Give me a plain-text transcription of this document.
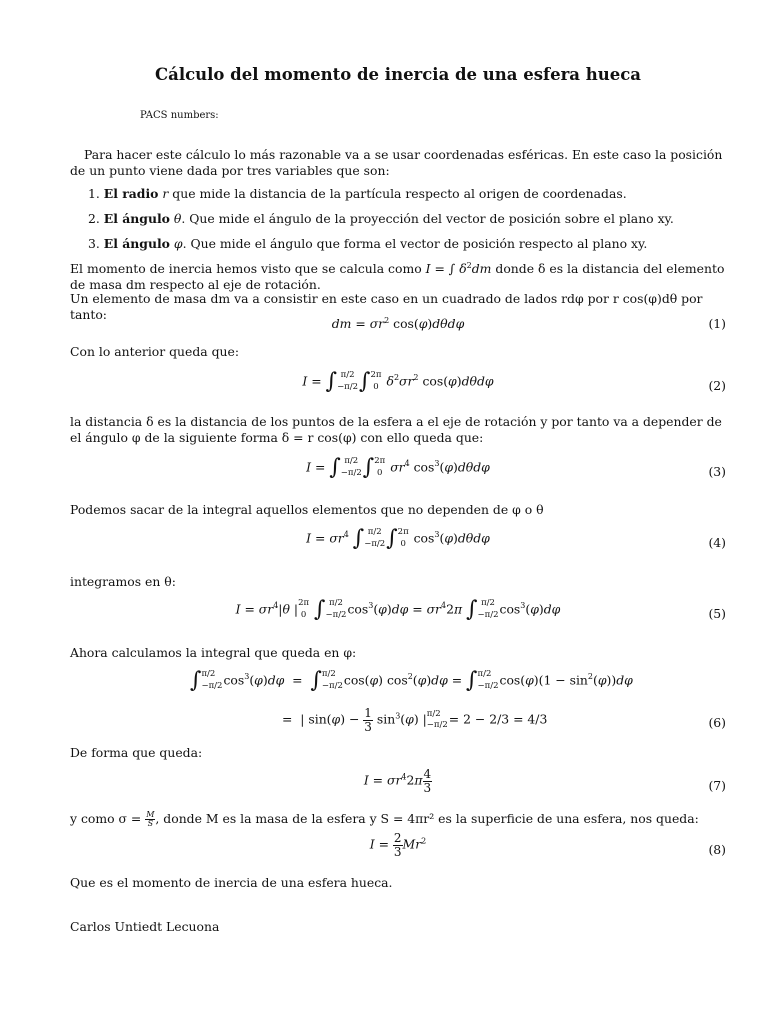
Cálculo del momento de inercia de una esfera hueca
PACS numbers:

Para hacer este cálculo lo más razonable va a se usar coordenadas esféricas. En este caso la posición de un punto viene dada por tres variables que son:

1. El radio r que mide la distancia de la partícula respecto al origen de coordenadas.
2. El ángulo θ. Que mide el ángulo de la proyección del vector de posición sobre el plano xy.
3. El ángulo φ. Que mide el ángulo que forma el vector de posición respecto al plano xy.

El momento de inercia hemos visto que se calcula como I = ∫ $\delta^2dm$ donde δ es la distancia del elemento de masa dm respecto al eje de rotación.

Un elemento de masa dm va a consistir en este caso en un cuadrado de lados rdφ por r cos(φ)dθ por tanto:

dm = $\sigma r^2$ cos(φ)dθdφ	(1)

Con lo anterior queda que:

I = ∫ π/2
−π/2 ∫ 2π
0 $\delta^2\sigma r^2$ cos(φ)dθdφ	(2)

la distancia δ es la distancia de los puntos de la esfera a el eje de rotación y por tanto va a depender de el ángulo φ de la siguiente forma δ = r cos(φ) con ello queda que:

I = ∫ π/2
−π/2 ∫ 2π
0 $\sigma r^4$ $\cos^3(\varphi)d\theta d\varphi$	(3)

Podemos sacar de la integral aquellos elementos que no dependen de φ o θ

$I = \sigma r^4$ ∫ π/2
−π/2 ∫ 2π
0 $\cos^3(\varphi)d\theta d\varphi$	(4)

integramos en θ:

$I = \sigma r^4|\theta$ | 2π
0 ∫ π/2
−π/2 $\cos^3(\varphi)d\varphi = \sigma r^42\pi$ ∫ π/2
−π/2 $\cos^3(\varphi)d\varphi$	(5)

Ahora calculamos la integral que queda en φ:

∫ π/2
−π/2 $\cos^3(\varphi)d\varphi$  =  ∫ π/2
−π/2 cos(φ) $\cos^2(\varphi)d\varphi$ = ∫ π/2
−π/2 $\cos(\varphi)(1 - \sin^2(\varphi))d\varphi$
=  | $\sin(\varphi) - \frac{1}{3} \sin^3(\varphi)$ | π/2
−π/2 = 2 − 2/3 = 4/3	(6)

De forma que queda:

$I = \sigma r^42\pi \frac{4}{3}$	(7)

y como $\sigma = \frac{M}{S}$ , donde M es la masa de la esfera y S = 4πr² es la superficie de una esfera, nos queda:

$I = \frac{2}{3} Mr^2$
(8)

Que es el momento de inercia de una esfera hueca.

Carlos Untiedt Lecuona
